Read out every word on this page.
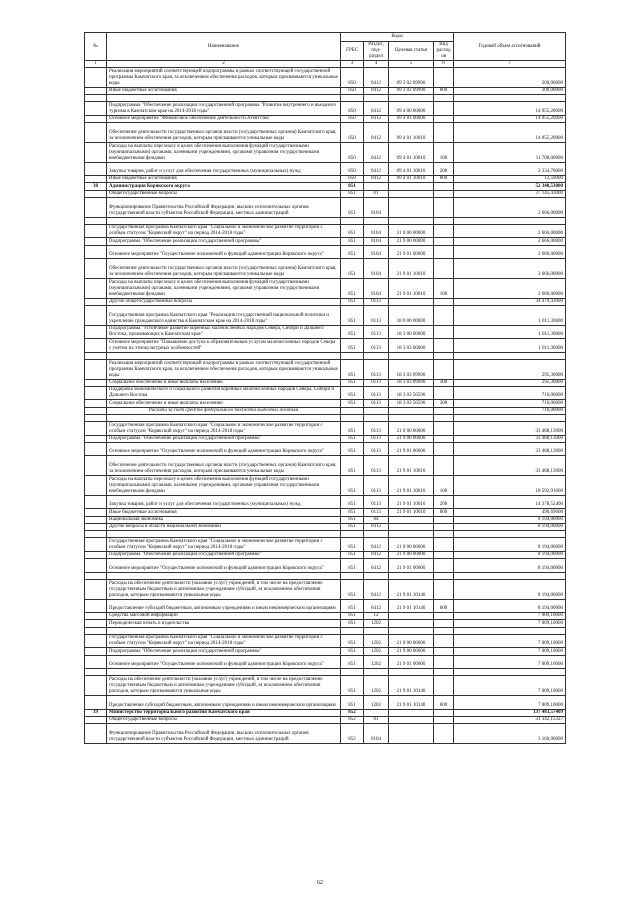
№	Наименование	Коды				Годовой объем ассигнований
		ГРБС	Раздел, под-раздел	Целевая статья	Вид расходов	
1	2	3	4	5	6	7
	Реализация мероприятий соответствующей подпрограммы в рамках соответствующей государственной программы Камчатского края, за исключением обеспечения расходов, которым присваиваются уникальные коды	850	0412	09 3 02 09990		200,00000
	Иные бюджетные ассигнования	850	0412	09 3 02 09990	800	200,00000

	Подпрограмма "Обеспечение реализации государственной программы "Развитие внутреннего и въездного туризма в Камчатском крае на 2014-2018 годы"	850	0412	09 4 00 00000		14 055,20000
	Основное мероприятие "Финансовое обеспечение деятельности Агентства"	850	0412	09 4 01 00000		14 055,20000
	Обеспечение деятельности государственных органов власти (государственных органов) Камчатского края, за исключением обеспечения расходов, которым присваиваются уникальные коды	850	0412	09 4 01 10010		14 055,20000
	Расходы на выплаты персоналу в целях обеспечения выполнения функций государственными (муниципальными) органами, казенными учреждениями, органами управления государственными внебюджетными фондами	850	0412	09 4 01 10010	100	11 708,00000
	Закупка товаров, работ и услуг для обеспечения государственных (муниципальных) нужд	850	0412	09 4 01 10010	200	2 334,70000
	Иные бюджетные ассигнования	850	0412	09 4 01 10010	800	12,50000
38	Администрация Корякского округа	851				52 348,53000
	Общегосударственные вопросы	851	01			37 145,43000
	Функционирование Правительства Российской Федерации, высших исполнительных органов государственной власти субъектов Российской Федерации, местных администраций	851	0104			2 666,00000

	Государственная программа Камчатского края "Социальное и экономическое развитие территории с особым статусом "Корякский округ" на период 2014-2018 годы"	851	0104	21 0 00 00000		2 666,00000
	Подпрограмма "Обеспечение реализации государственной программы"	851	0104	21 9 00 00000		2 666,00000
	Основное мероприятие "Осуществление полномочий и функций администрации Корякского округа"	851	0104	21 9 01 00000		2 666,00000
	Обеспечение деятельности государственных органов власти (государственных органов) Камчатского края, за исключением обеспечения расходов, которым присваиваются уникальные коды	851	0104	21 9 01 10010		2 666,00000
	Расходы на выплаты персоналу в целях обеспечения выполнения функций государственными (муниципальными) органами, казенными учреждениями, органами управления государственными внебюджетными фондами	851	0104	21 9 01 10010	100	2 666,00000
	Другие общегосударственные вопросы	851	0113			34 479,43000
	Государственная программа Камчатского края "Реализация государственной национальной политики и укрепление гражданского единства в Камчатском крае на 2014-2018 годы"	851	0113	18 0 00 00000		1 011,30000
	Подпрограмма "Устойчивое развитие коренных малочисленных народов Севера, Сибири и Дальнего Востока, проживающих в Камчатском крае"	851	0113	18 3 00 00000		1 011,30000
	Основное мероприятие "Повышение доступа к образовательным услугам малочисленных народов Севера с учетом их этнокультурных особенностей"	851	0113	18 3 03 00000		1 011,30000

	Реализация мероприятий соответствующей подпрограммы в рамках соответствующей государственной программы Камчатского края, за исключением обеспечения расходов, которым присваиваются уникальные коды	851	0113	18 3 03 09990		295,30000
	Социальное обеспечение и иные выплаты населению	851	0113	18 3 03 09990	300	295,30000
	Поддержка экономического и социального развития коренных малочисленных народов Севера, Сибири и Дальнего Востока	851	0113	18 3 03 50590		716,00000
	Социальное обеспечение и иные выплаты населению	851	0113	18 3 03 50590	300	716,00000
	Расходы за счет средств федерального бюджета выделены желтым					716,00000

	Государственная программа Камчатского края "Социальное и экономическое развитие территории с особым статусом "Корякский округ" на период 2014-2018 годы"	851	0113	21 0 00 00000		33 468,13000
	Подпрограмма "Обеспечение реализации государственной программы"	851	0113	21 9 00 00000		33 468,13000
	Основное мероприятие "Осуществление полномочий и функций администрации Корякского округа"	851	0113	21 9 01 00000		33 468,13000
	Обеспечение деятельности государственных органов власти (государственных органов) Камчатского края, за исключением обеспечения расходов, которым присваиваются уникальные коды	851	0113	21 9 01 10010		33 468,13000
	Расходы на выплаты персоналу в целях обеспечения выполнения функций государственными (муниципальными) органами, казенными учреждениями, органами управления государственными внебюджетными фондами	851	0113	21 9 01 10010	100	18 592,91000
	Закупка товаров, работ и услуг для обеспечения государственных (муниципальных) нужд	851	0113	21 9 01 10010	200	14 378,52400
	Иные бюджетные ассигнования	851	0113	21 9 01 10010	800	496,69600
	Национальная экономика	851	04			8 194,00000
	Другие вопросы в области национальной экономики	851	0412			8 194,00000

	Государственная программа Камчатского края "Социальное и экономическое развитие территории с особым статусом "Корякский округ" на период 2014-2018 годы"	851	0412	21 0 00 00000		8 194,00000
	Подпрограмма "Обеспечение реализации государственной программы"	851	0412	21 9 00 00000		8 194,00000
	Основное мероприятие "Осуществление полномочий и функций администрации Корякского округа"	851	0412	21 9 01 00000		8 194,00000

	Расходы на обеспечение деятельности (оказание услуг) учреждений, в том числе на предоставление государственным бюджетным и автономным учреждениям субсидий, за исключением обеспечения расходов, которым присваиваются уникальные коды	851	0412	21 9 01 10140		8 194,00000
	Предоставление субсидий бюджетным, автономным учреждениям и иным некоммерческим организациям	851	0412	21 9 01 10140	600	8 194,00000
	Средства массовой информации	851	12			7 009,10000
	Периодическая печать и издательства	851	1202			7 009,10000

	Государственная программа Камчатского края "Социальное и экономическое развитие территории с особым статусом "Корякский округ" на период 2014-2018 годы"	851	1202	21 0 00 00000		7 009,10000
	Подпрограмма "Обеспечение реализации государственной программы"	851	1202	21 9 00 00000		7 009,10000
	Основное мероприятие "Осуществление полномочий и функций администрации Корякского округа"	851	1202	21 9 01 00000		7 009,10000

	Расходы на обеспечение деятельности (оказание услуг) учреждений, в том числе на предоставление государственным бюджетным и автономным учреждениям субсидий, за исключением обеспечения расходов, которым присваиваются уникальные коды	851	1202	21 9 01 10140		7 009,10000
	Предоставление субсидий бюджетным, автономным учреждениям и иным некоммерческим организациям	851	1202	21 9 01 10140	600	7 009,10000
39	Министерство территориального развития Камчатского края	852				137 483,57409
	Общегосударственные вопросы	852	01			31 342,15327
	Функционирование Правительства Российской Федерации, высших исполнительных органов государственной власти субъектов Российской Федерации, местных администраций	852	0104			3 160,00000
62
